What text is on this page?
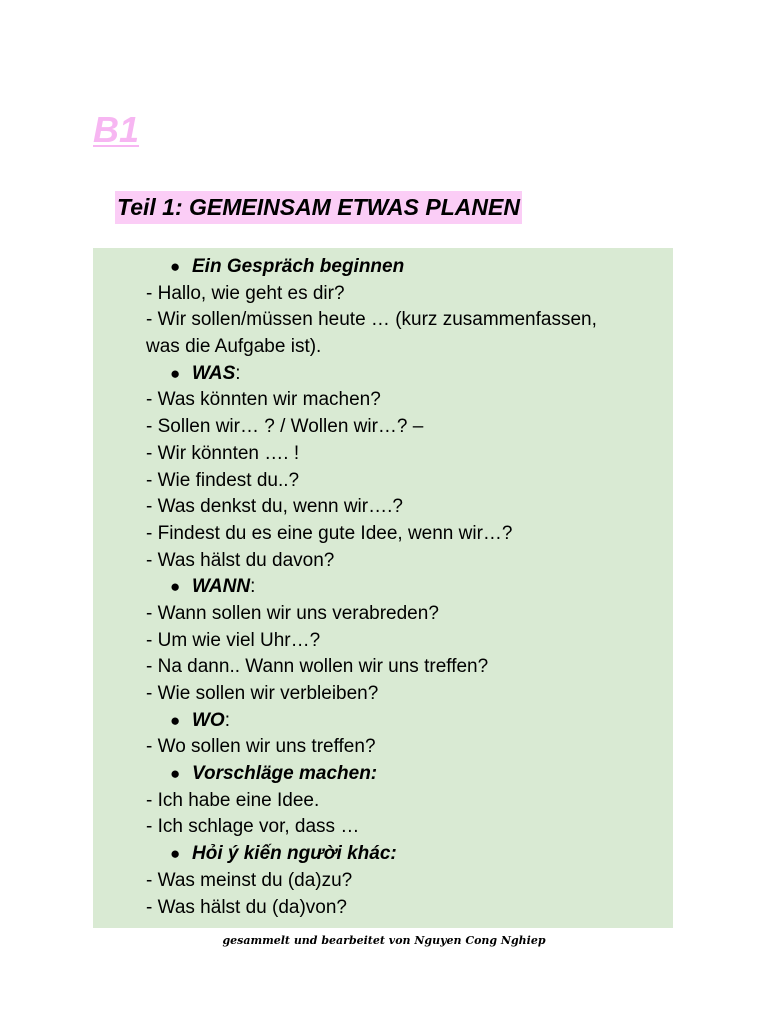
B1
Teil 1: GEMEINSAM ETWAS PLANEN
● Ein Gespräch beginnen
- Hallo, wie geht es dir?
- Wir sollen/müssen heute … (kurz zusammenfassen,
was die Aufgabe ist).
● WAS:
- Was könnten wir machen?
- Sollen wir… ? / Wollen wir…? –
- Wir könnten …. !
- Wie findest du..?
- Was denkst du, wenn wir….?
- Findest du es eine gute Idee, wenn wir…?
- Was hälst du davon?
● WANN:
- Wann sollen wir uns verabreden?
- Um wie viel Uhr…?
- Na dann.. Wann wollen wir uns treffen?
- Wie sollen wir verbleiben?
● WO:
- Wo sollen wir uns treffen?
● Vorschläge machen:
- Ich habe eine Idee.
- Ich schlage vor, dass …
● Hỏi ý kiến người khác:
- Was meinst du (da)zu?
- Was hälst du (da)von?
gesammelt und bearbeitet von Nguyen Cong Nghiep
